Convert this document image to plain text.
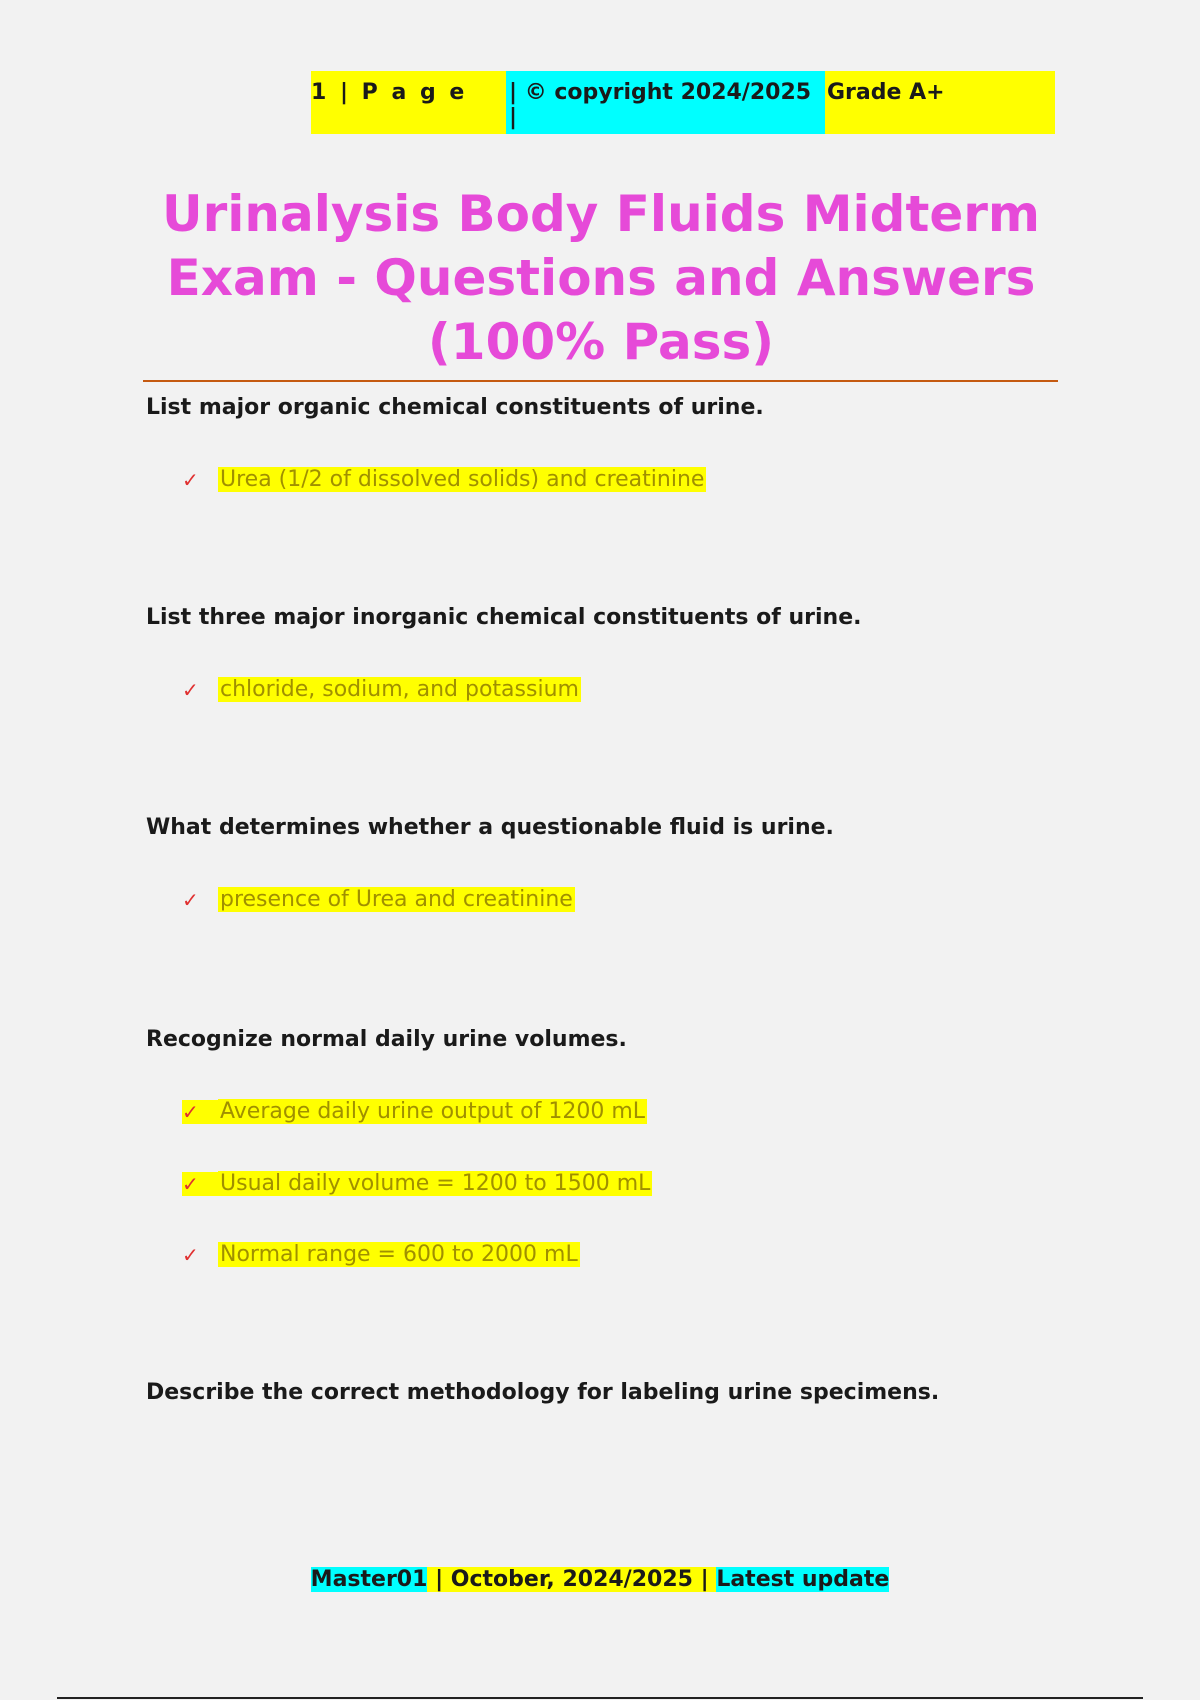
1 | P a g e	| © copyright 2024/2025 |
Grade A+
Urinalysis Body Fluids Midterm Exam - Questions and Answers (100% Pass)

List major organic chemical constituents of urine.

✓ Urea (1/2 of dissolved solids) and creatinine

List three major inorganic chemical constituents of urine.

✓ chloride, sodium, and potassium

What determines whether a questionable fluid is urine.

✓ presence of Urea and creatinine

Recognize normal daily urine volumes.

✓ Average daily urine output of 1200 mL
✓ Usual daily volume = 1200 to 1500 mL
✓ Normal range = 600 to 2000 mL

Describe the correct methodology for labeling urine specimens.

Master01 | October, 2024/2025 | Latest update
